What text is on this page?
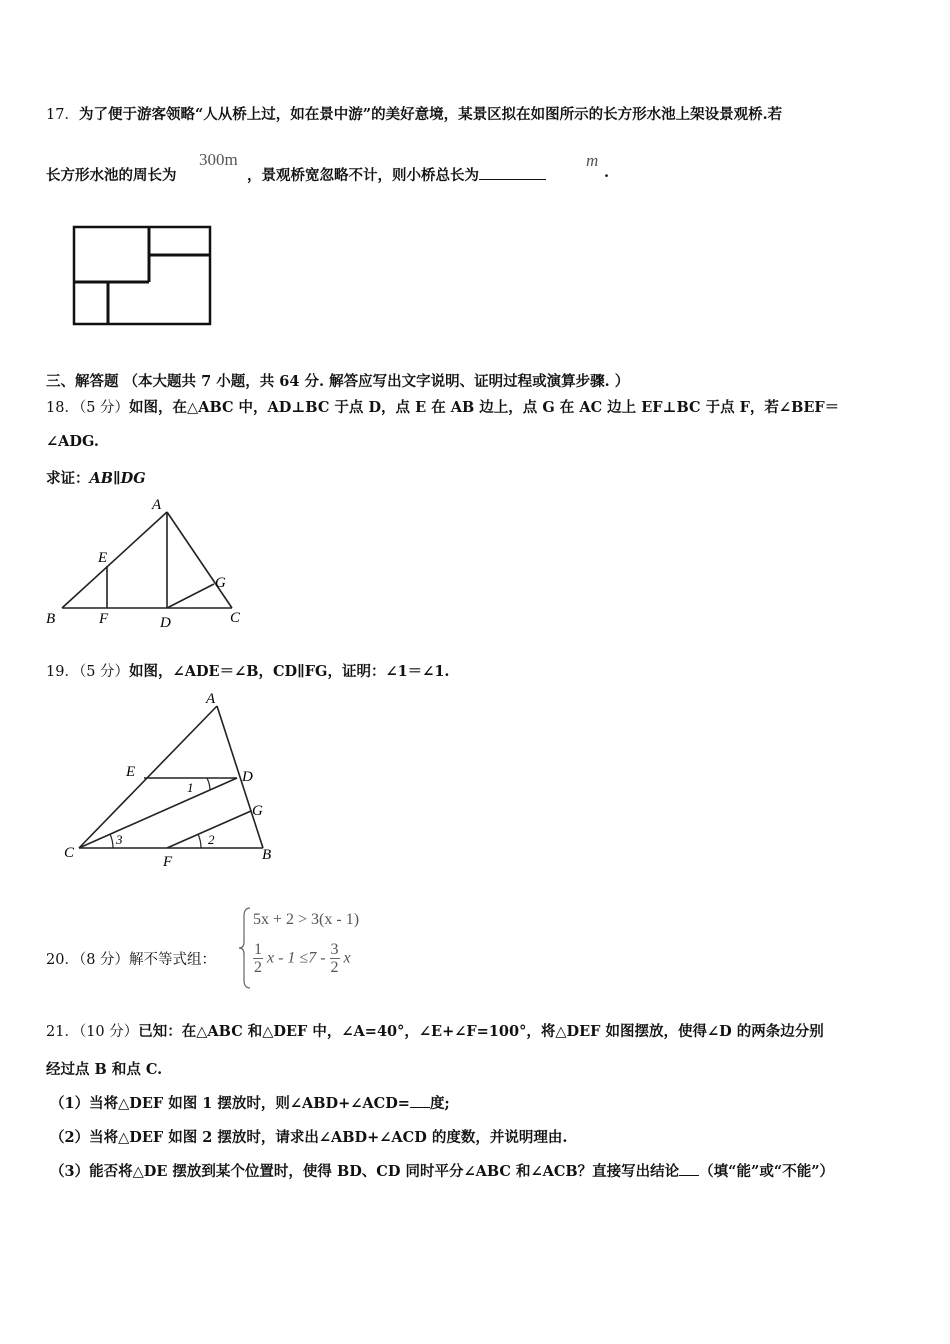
17．为了便于游客领略“人从桥上过，如在景中游”的美好意境，某景区拟在如图所示的长方形水池上架设景观桥.若
长方形水池的周长为
300m
，景观桥宽忽略不计，则小桥总长为
m
.
三、解答题 （本大题共 7 小题，共 64 分. 解答应写出文字说明、证明过程或演算步骤. ）
18．（5 分）如图，在△ABC 中，AD⊥BC 于点 D，点 E 在 AB 边上，点 G 在 AC 边上 EF⊥BC 于点 F，若∠BEF＝
∠ADG.
求证：AB∥DG
A
E
G
B	F	D	C
19．（5 分）如图，∠ADE＝∠B，CD∥FG，证明：∠1＝∠1.
A
E	D
1
G
3	2
C
F	B
20．（8 分）解不等式组：
5x + 2 > 3(x - 1)
$\frac{1}{2}$ $x - 1 \le 7 - \frac{3}{2}$ x
21．（10 分）已知：在△ABC 和△DEF 中，∠A=40°，∠E+∠F=100°，将△DEF 如图摆放，使得∠D 的两条边分别
经过点 B 和点 C.
（1）当将△DEF 如图 1 摆放时，则∠ABD+∠ACD= 度;
（2）当将△DEF 如图 2 摆放时，请求出∠ABD+∠ACD 的度数，并说明理由.
（3）能否将△DE 摆放到某个位置时，使得 BD、CD 同时平分∠ABC 和∠ACB？直接写出结论 （填“能”或“不能”）
